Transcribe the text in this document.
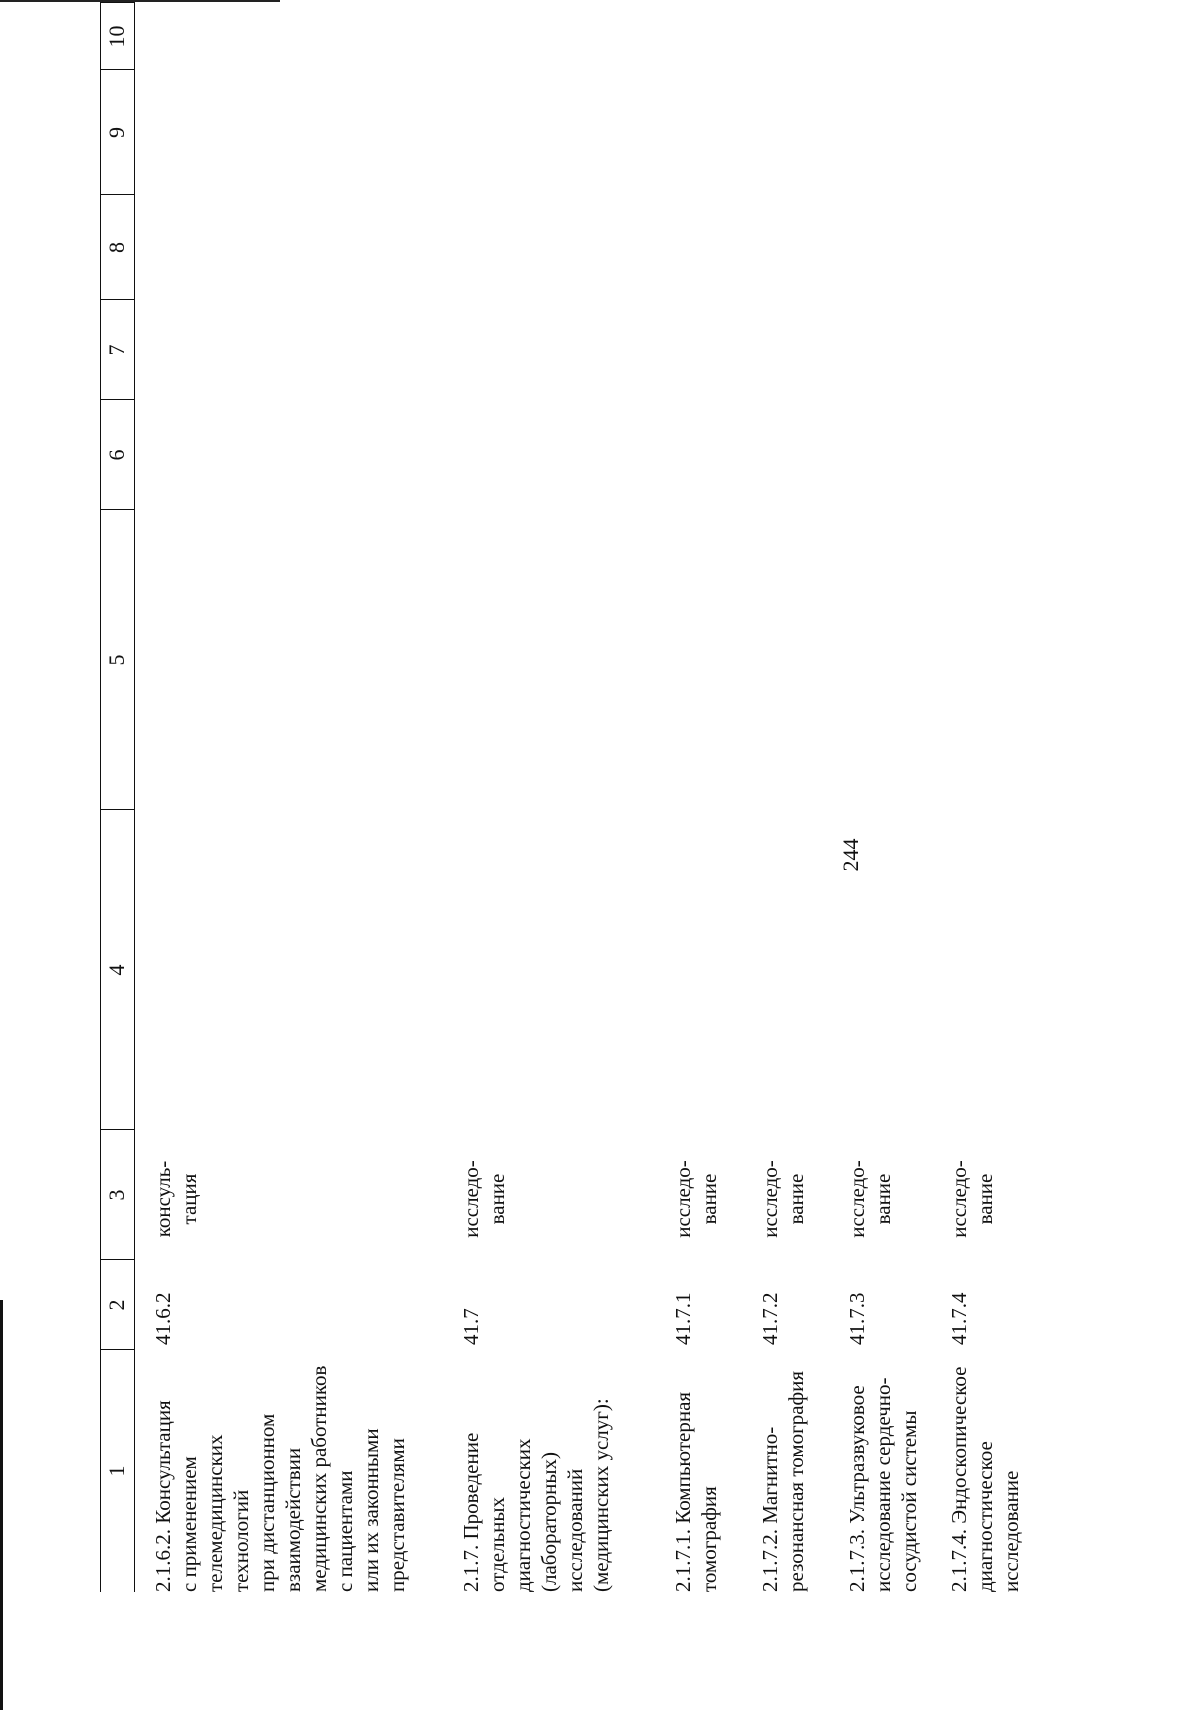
244
1
2
3
4
5
6
7
8
9
10
2.1.6.2. Консультация с применением телемедицинских технологий при дистанционном взаимодействии медицинских работников с пациентами или их законными представителями
41.6.2
консуль- тация
2.1.7. Проведение отдельных диагностических (лабораторных) исследований (медицинских услуг):
41.7
исследо- вание
2.1.7.1. Компьютерная томография
41.7.1
исследо- вание
2.1.7.2. Магнитно- резонансная томография
41.7.2
исследо- вание
2.1.7.3. Ультразвуковое исследование сердечно- сосудистой системы
41.7.3
исследо- вание
2.1.7.4. Эндоскопическое диагностическое исследование
41.7.4
исследо- вание
